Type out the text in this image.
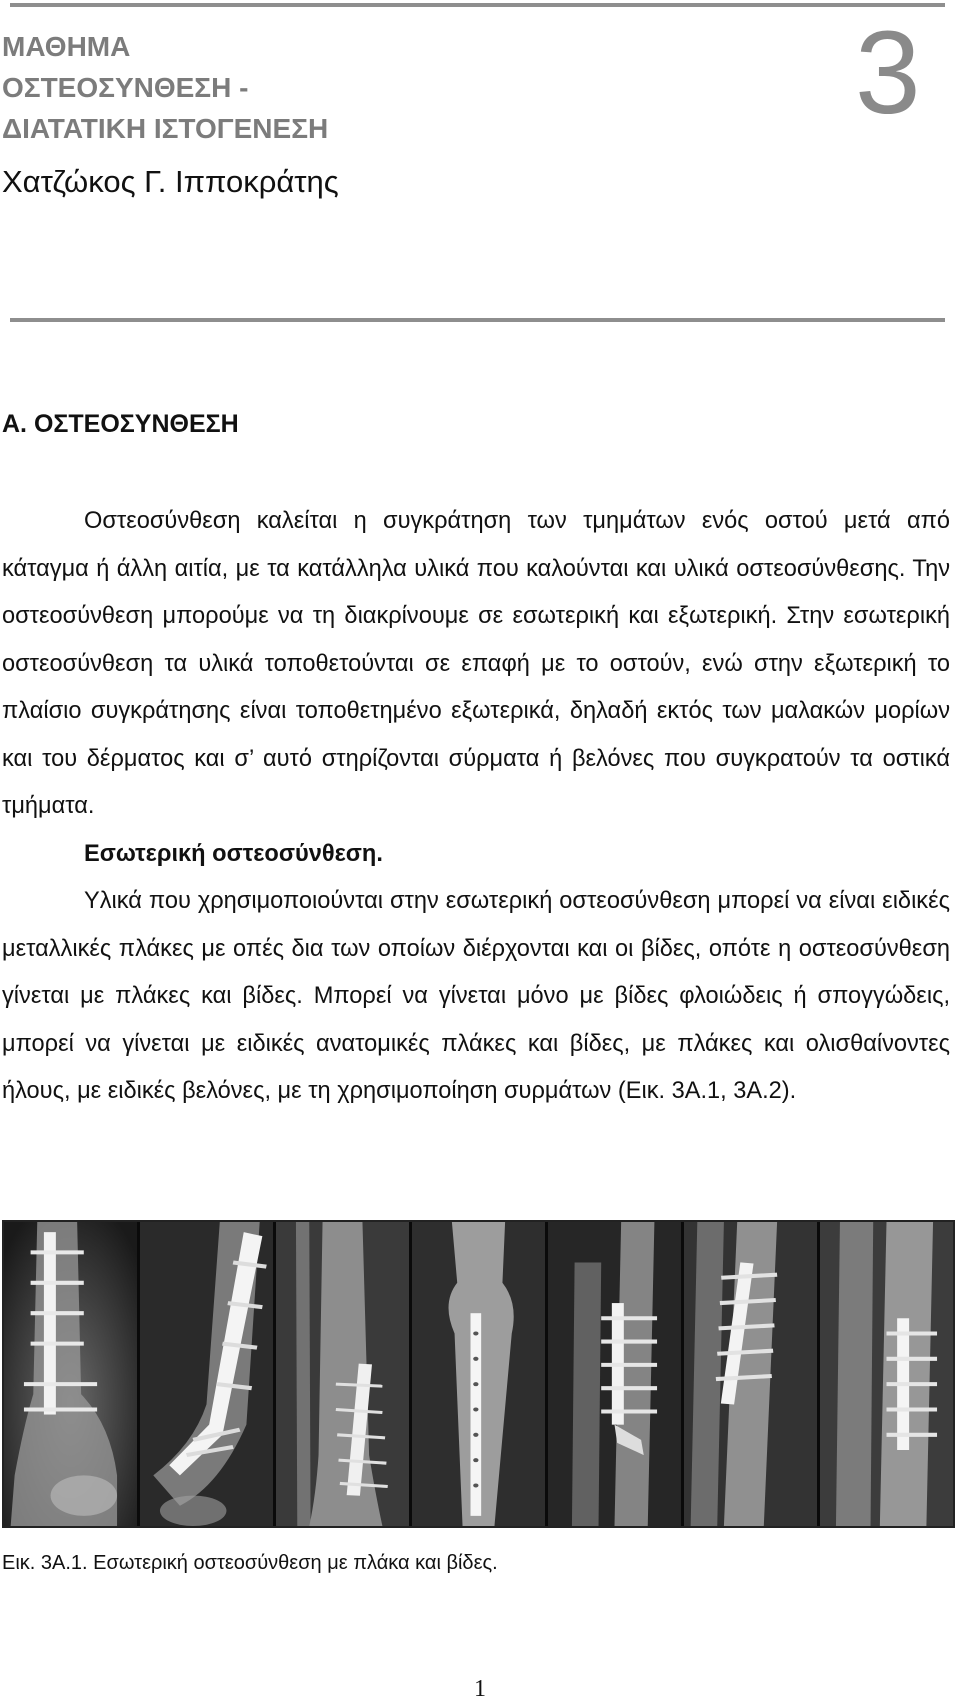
ΜΑΘΗΜΑ
ΟΣΤΕΟΣΥΝΘΕΣΗ -
ΔΙΑΤΑΤΙΚΗ ΙΣΤΟΓΕΝΕΣΗ	3
Χατζώκος Γ. Ιπποκράτης
Α. ΟΣΤΕΟΣΥΝΘΕΣΗ

Οστεοσύνθεση καλείται η συγκράτηση των τμημάτων ενός οστού μετά από κάταγμα ή άλλη αιτία, με τα κατάλληλα υλικά που καλούνται και υλικά οστεοσύνθεσης. Την οστεοσύνθεση μπορούμε να τη διακρίνουμε σε εσωτερική και εξωτερική. Στην εσωτερική οστεοσύνθεση τα υλικά τοποθετούνται σε επαφή με το οστούν, ενώ στην εξωτερική το πλαίσιο συγκράτησης είναι τοποθετημένο εξωτερικά, δηλαδή εκτός των μαλακών μορίων και του δέρματος και σ’ αυτό στηρίζονται σύρματα ή βελόνες που συγκρατούν τα οστικά τμήματα.

Εσωτερική οστεοσύνθεση.

Υλικά που χρησιμοποιούνται στην εσωτερική οστεοσύνθεση μπορεί να είναι ειδικές μεταλλικές πλάκες με οπές δια των οποίων διέρχονται και οι βίδες, οπότε η οστεοσύνθεση γίνεται με πλάκες και βίδες. Μπορεί να γίνεται μόνο με βίδες φλοιώδεις ή σπογγώδεις, μπορεί να γίνεται με ειδικές ανατομικές πλάκες και βίδες, με πλάκες και ολισθαίνοντες ήλους, με ειδικές βελόνες, με τη χρησιμοποίηση συρμάτων (Εικ. 3Α.1, 3Α.2).

Εικ. 3Α.1. Εσωτερική οστεοσύνθεση με πλάκα και βίδες.

1
